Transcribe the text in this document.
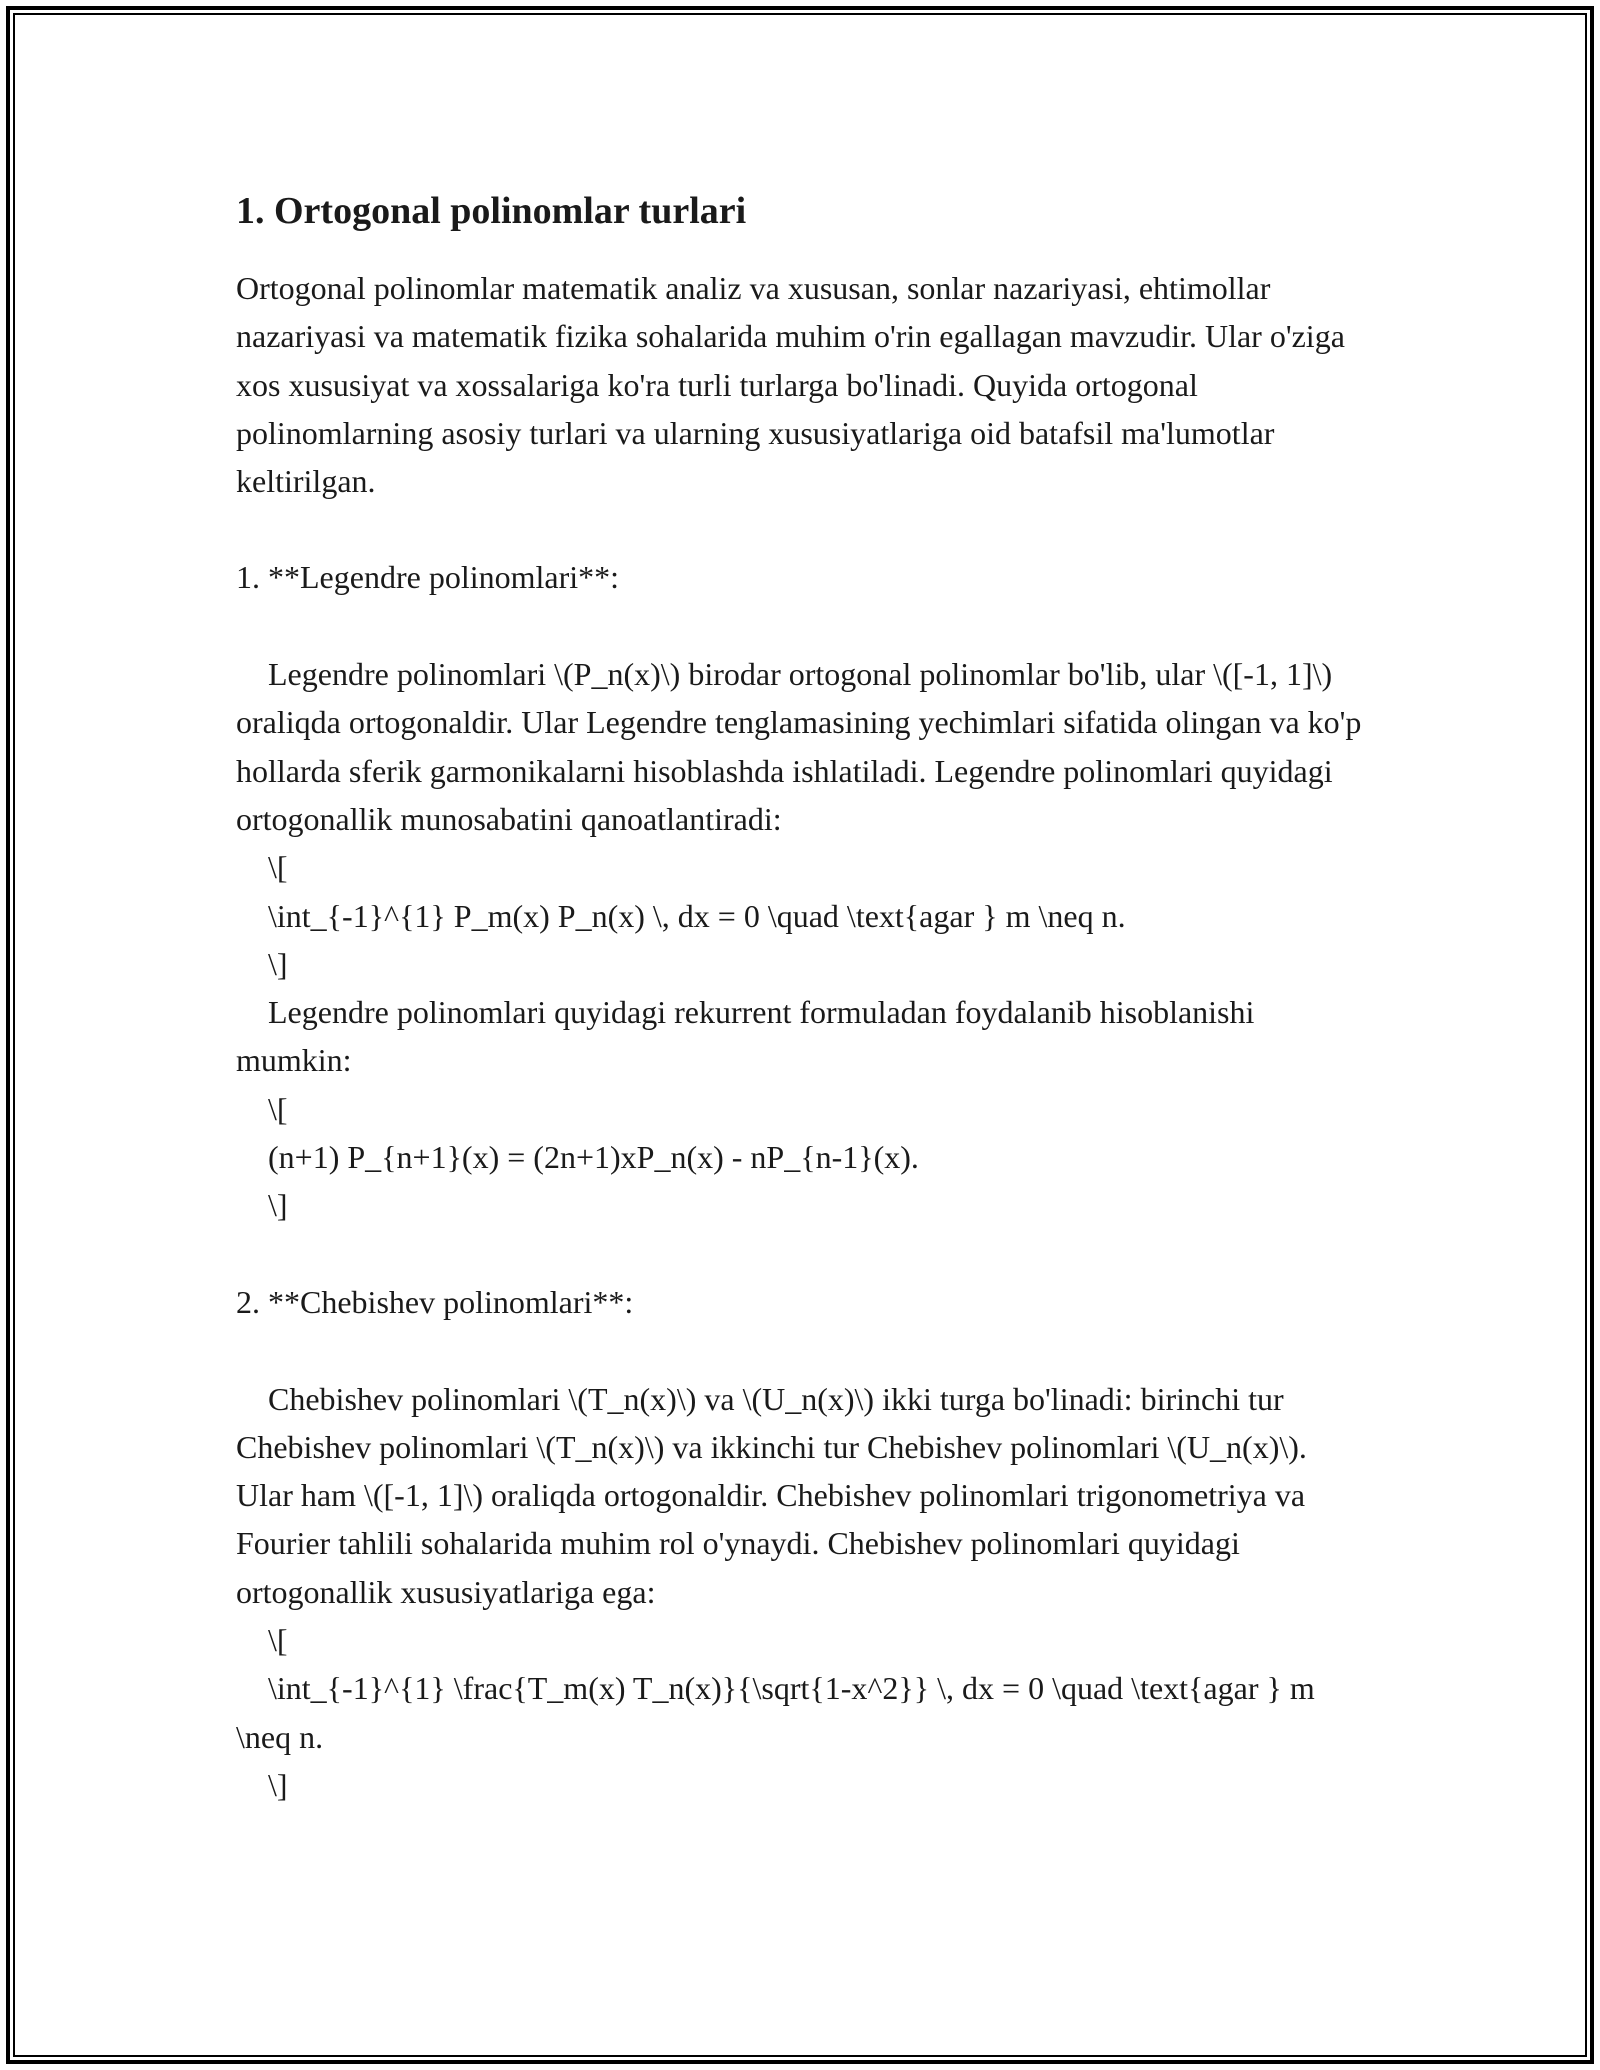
1. Ortogonal polinomlar turlari

Ortogonal polinomlar matematik analiz va xususan, sonlar nazariyasi, ehtimollar nazariyasi va matematik fizika sohalarida muhim o'rin egallagan mavzudir. Ular o'ziga xos xususiyat va xossalariga ko'ra turli turlarga bo'linadi. Quyida ortogonal polinomlarning asosiy turlari va ularning xususiyatlariga oid batafsil ma'lumotlar keltirilgan.

1. **Legendre polinomlari**:

Legendre polinomlari \(P_n(x)\) birodar ortogonal polinomlar bo'lib, ular \([-1, 1]\) oraliqda ortogonaldir. Ular Legendre tenglamasining yechimlari sifatida olingan va ko'p hollarda sferik garmonikalarni hisoblashda ishlatiladi. Legendre polinomlari quyidagi ortogonallik munosabatini qanoatlantiradi:
\[
\int_{-1}^{1} P_m(x) P_n(x) \, dx = 0 \quad \text{agar } m \neq n.
\]
Legendre polinomlari quyidagi rekurrent formuladan foydalanib hisoblanishi mumkin:
\[
(n+1) P_{n+1}(x) = (2n+1)xP_n(x) - nP_{n-1}(x).
\]

2. **Chebishev polinomlari**:

Chebishev polinomlari \(T_n(x)\) va \(U_n(x)\) ikki turga bo'linadi: birinchi tur Chebishev polinomlari \(T_n(x)\) va ikkinchi tur Chebishev polinomlari \(U_n(x)\). Ular ham \([-1, 1]\) oraliqda ortogonaldir. Chebishev polinomlari trigonometriya va Fourier tahlili sohalarida muhim rol o'ynaydi. Chebishev polinomlari quyidagi ortogonallik xususiyatlariga ega:
\[
\int_{-1}^{1} \frac{T_m(x) T_n(x)}{\sqrt{1-x^2}} \, dx = 0 \quad \text{agar } m \neq n.
\]
